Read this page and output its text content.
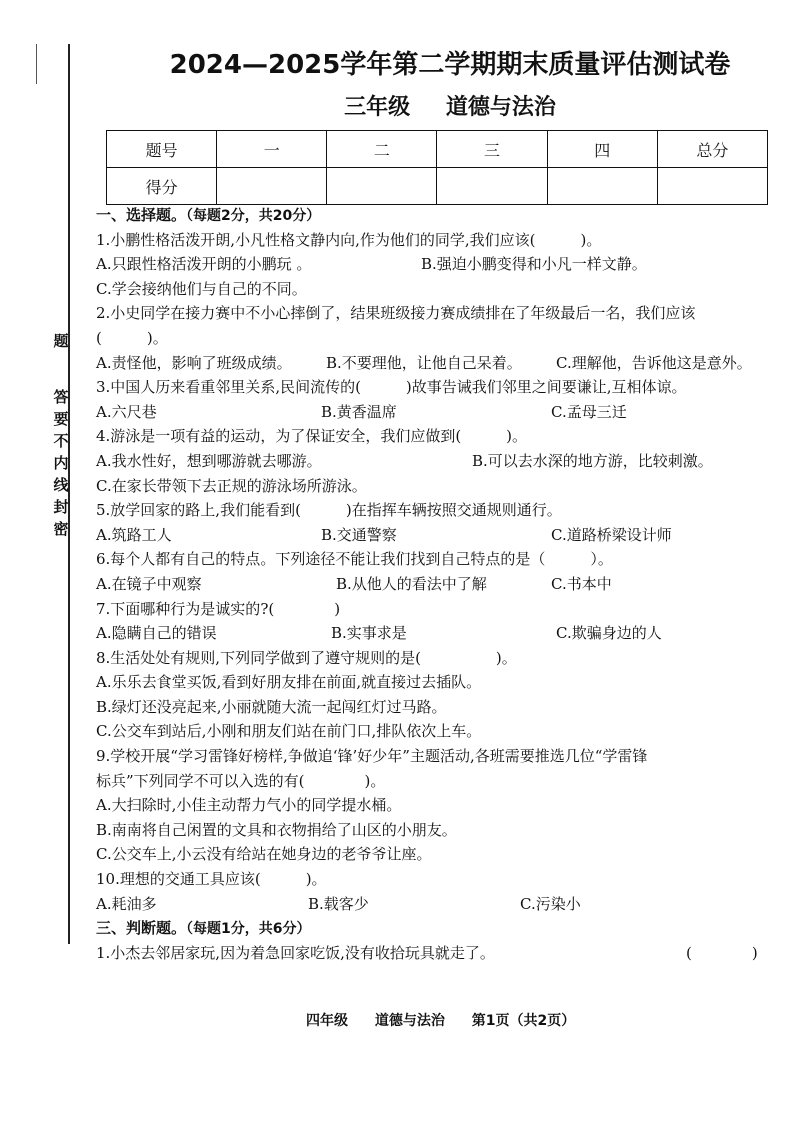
题
答
要
不
内
线
封
密
2024—2025学年第二学期期末质量评估测试卷
三年级 道德与法治
题号	一	二	三	四	总分
得分					
一、选择题。（每题2分，共20分）
1.小鹏性格活泼开朗,小凡性格文静内向,作为他们的同学,我们应该(　　　)。
A.只跟性格活泼开朗的小鹏玩 。	B.强迫小鹏变得和小凡一样文静。
C.学会接纳他们与自己的不同。
2.小史同学在接力赛中不小心摔倒了，结果班级接力赛成绩排在了年级最后一名，我们应该
(　　　)。
A.责怪他，影响了班级成绩。	B.不要理他，让他自己呆着。	C.理解他，告诉他这是意外。
3.中国人历来看重邻里关系,民间流传的(　　　)故事告诫我们邻里之间要谦让,互相体谅。
A.六尺巷	B.黄香温席	C.孟母三迁
4.游泳是一项有益的运动，为了保证安全，我们应做到(　　　)。
A.我水性好，想到哪游就去哪游。	B.可以去水深的地方游，比较刺激。
C.在家长带领下去正规的游泳场所游泳。
5.放学回家的路上,我们能看到(　　　)在指挥车辆按照交通规则通行。
A.筑路工人	B.交通警察	C.道路桥梁设计师
6.每个人都有自己的特点。下列途径不能让我们找到自己特点的是（　　　）。
A.在镜子中观察	B.从他人的看法中了解	C.书本中
7.下面哪种行为是诚实的?(　　　　)
A.隐瞒自己的错误	B.实事求是	C.欺骗身边的人
8.生活处处有规则,下列同学做到了遵守规则的是(　　　　　)。
A.乐乐去食堂买饭,看到好朋友排在前面,就直接过去插队。
B.绿灯还没亮起来,小丽就随大流一起闯红灯过马路。
C.公交车到站后,小刚和朋友们站在前门口,排队依次上车。
9.学校开展“学习雷锋好榜样,争做追‘锋’好少年”主题活动,各班需要推选几位“学雷锋
标兵”下列同学不可以入选的有(　　　　)。
A.大扫除时,小佳主动帮力气小的同学提水桶。
B.南南将自己闲置的文具和衣物捐给了山区的小朋友。
C.公交车上,小云没有给站在她身边的老爷爷让座。
10.理想的交通工具应该(　　　)。
A.耗油多	B.载客少	C.污染小
三、判断题。（每题1分，共6分）
1.小杰去邻居家玩,因为着急回家吃饭,没有收拾玩具就走了。	(　　　　)
四年级 道德与法治 第1页（共2页）
